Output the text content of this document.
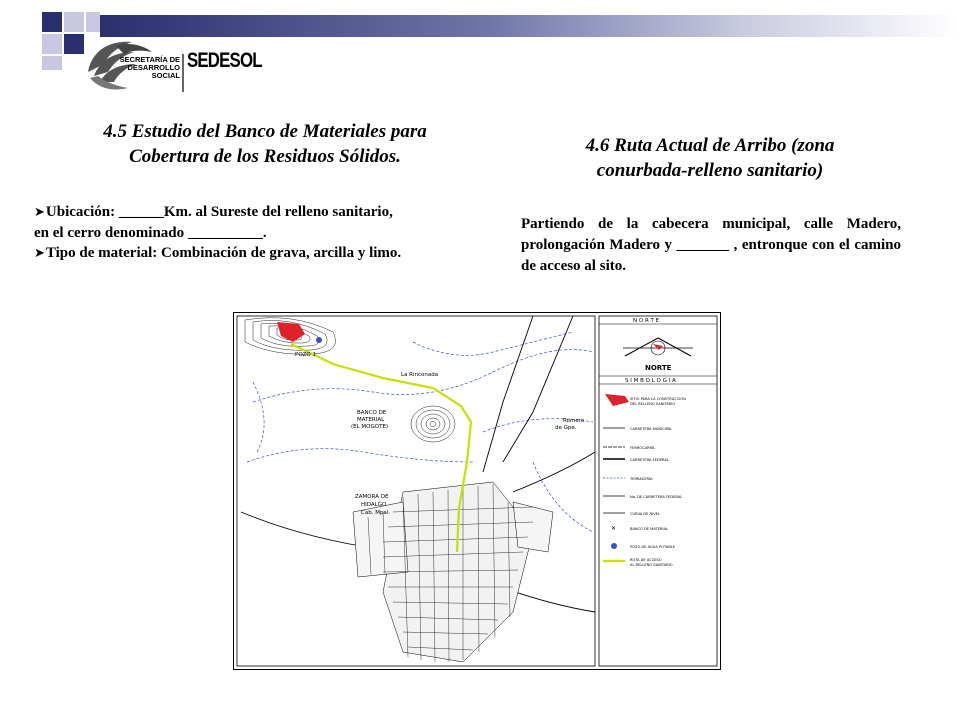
SECRETARÍA DE
DESARROLLO
SOCIAL
SEDESOL
4.5 Estudio del Banco de Materiales para
Cobertura de los Residuos Sólidos.
➤Ubicación: ______Km. al Sureste del relleno sanitario,
en el cerro denominado __________.
➤Tipo de material: Combinación de grava, arcilla y limo.
4.6 Ruta Actual de Arribo (zona
conurbada-relleno sanitario)
Partiendo de la cabecera municipal, calle Madero, prolongación Madero y _______ , entronque con el camino de acceso al sito.
POZO 1
La Rinconada
BANCO DE
MATERIAL
(EL MOGOTE)
Romero
de Gpe.
ZAMORA DE
HIDALGO
Cab. Mpal.
N O R T E
NORTE
S I M B O L O G I A
SITIO PARA LA CONSTRUCCIÓN
DEL RELLENO SANITARIO
CARRETERA MUNICIPAL
FERROCARRIL
CARRETERA FEDERAL
TERRACERÍA
No. DE CARRETERA FEDERAL
CURVA DE NIVEL
✕	BANCO DE MATERIAL
POZO DE AGUA POTABLE
RUTA DE ACCESO
AL RELLENO SANITARIO
